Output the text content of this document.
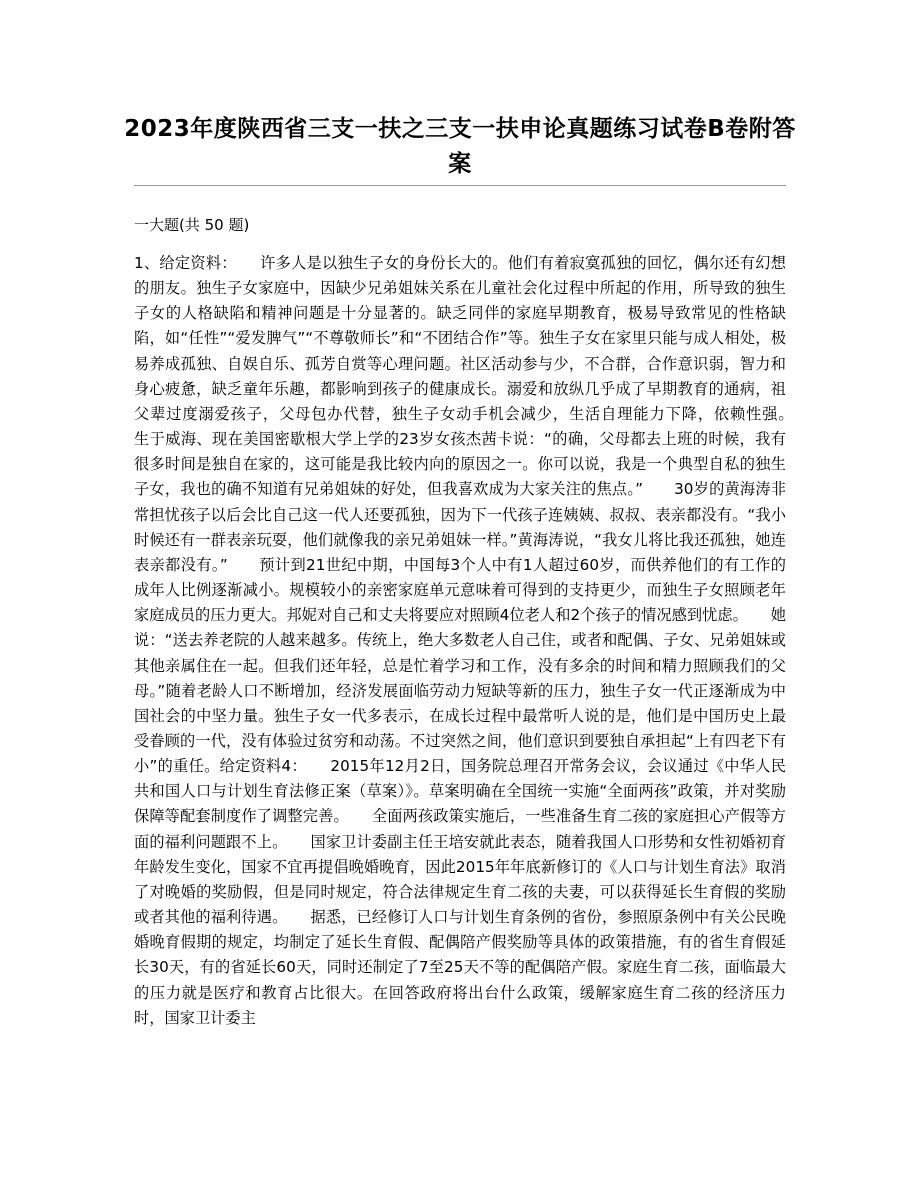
2023年度陕西省三支一扶之三支一扶申论真题练习试卷B卷附答案
一大题(共 50 题)
1、给定资料：　　许多人是以独生子女的身份长大的。他们有着寂寞孤独的回忆，偶尔还有幻想的朋友。独生子女家庭中，因缺少兄弟姐妹关系在儿童社会化过程中所起的作用，所导致的独生子女的人格缺陷和精神问题是十分显著的。缺乏同伴的家庭早期教育，极易导致常见的性格缺陷，如“任性”“爱发脾气”“不尊敬师长”和“不团结合作”等。独生子女在家里只能与成人相处，极易养成孤独、自娱自乐、孤芳自赏等心理问题。社区活动参与少，不合群，合作意识弱，智力和身心疲惫，缺乏童年乐趣，都影响到孩子的健康成长。溺爱和放纵几乎成了早期教育的通病，祖父辈过度溺爱孩子，父母包办代替，独生子女动手机会减少，生活自理能力下降，依赖性强。　　生于威海、现在美国密歇根大学上学的23岁女孩杰茜卡说：“的确，父母都去上班的时候，我有很多时间是独自在家的，这可能是我比较内向的原因之一。你可以说，我是一个典型自私的独生子女，我也的确不知道有兄弟姐妹的好处，但我喜欢成为大家关注的焦点。”　　30岁的黄海涛非常担忧孩子以后会比自己这一代人还要孤独，因为下一代孩子连姨姨、叔叔、表亲都没有。“我小时候还有一群表亲玩耍，他们就像我的亲兄弟姐妹一样。”黄海涛说，“我女儿将比我还孤独，她连表亲都没有。”　　预计到21世纪中期，中国每3个人中有1人超过60岁，而供养他们的有工作的成年人比例逐渐减小。规模较小的亲密家庭单元意味着可得到的支持更少，而独生子女照顾老年家庭成员的压力更大。邦妮对自己和丈夫将要应对照顾4位老人和2个孩子的情况感到忧虑。　　她说：“送去养老院的人越来越多。传统上，绝大多数老人自己住，或者和配偶、子女、兄弟姐妹或其他亲属住在一起。但我们还年轻，总是忙着学习和工作，没有多余的时间和精力照顾我们的父母。”随着老龄人口不断增加，经济发展面临劳动力短缺等新的压力，独生子女一代正逐渐成为中国社会的中坚力量。独生子女一代多表示，在成长过程中最常听人说的是，他们是中国历史上最受眷顾的一代，没有体验过贫穷和动荡。不过突然之间，他们意识到要独自承担起“上有四老下有小”的重任。给定资料4：　　2015年12月2日，国务院总理召开常务会议，会议通过《中华人民共和国人口与计划生育法修正案（草案）》。草案明确在全国统一实施“全面两孩”政策，并对奖励保障等配套制度作了调整完善。　　全面两孩政策实施后，一些准备生育二孩的家庭担心产假等方面的福利问题跟不上。　　国家卫计委副主任王培安就此表态，随着我国人口形势和女性初婚初育年龄发生变化，国家不宜再提倡晚婚晚育，因此2015年年底新修订的《人口与计划生育法》取消了对晚婚的奖励假，但是同时规定，符合法律规定生育二孩的夫妻，可以获得延长生育假的奖励或者其他的福利待遇。　　据悉，已经修订人口与计划生育条例的省份，参照原条例中有关公民晚婚晚育假期的规定，均制定了延长生育假、配偶陪产假奖励等具体的政策措施，有的省生育假延长30天，有的省延长60天，同时还制定了7至25天不等的配偶陪产假。家庭生育二孩，面临最大的压力就是医疗和教育占比很大。在回答政府将出台什么政策，缓解家庭生育二孩的经济压力时，国家卫计委主
